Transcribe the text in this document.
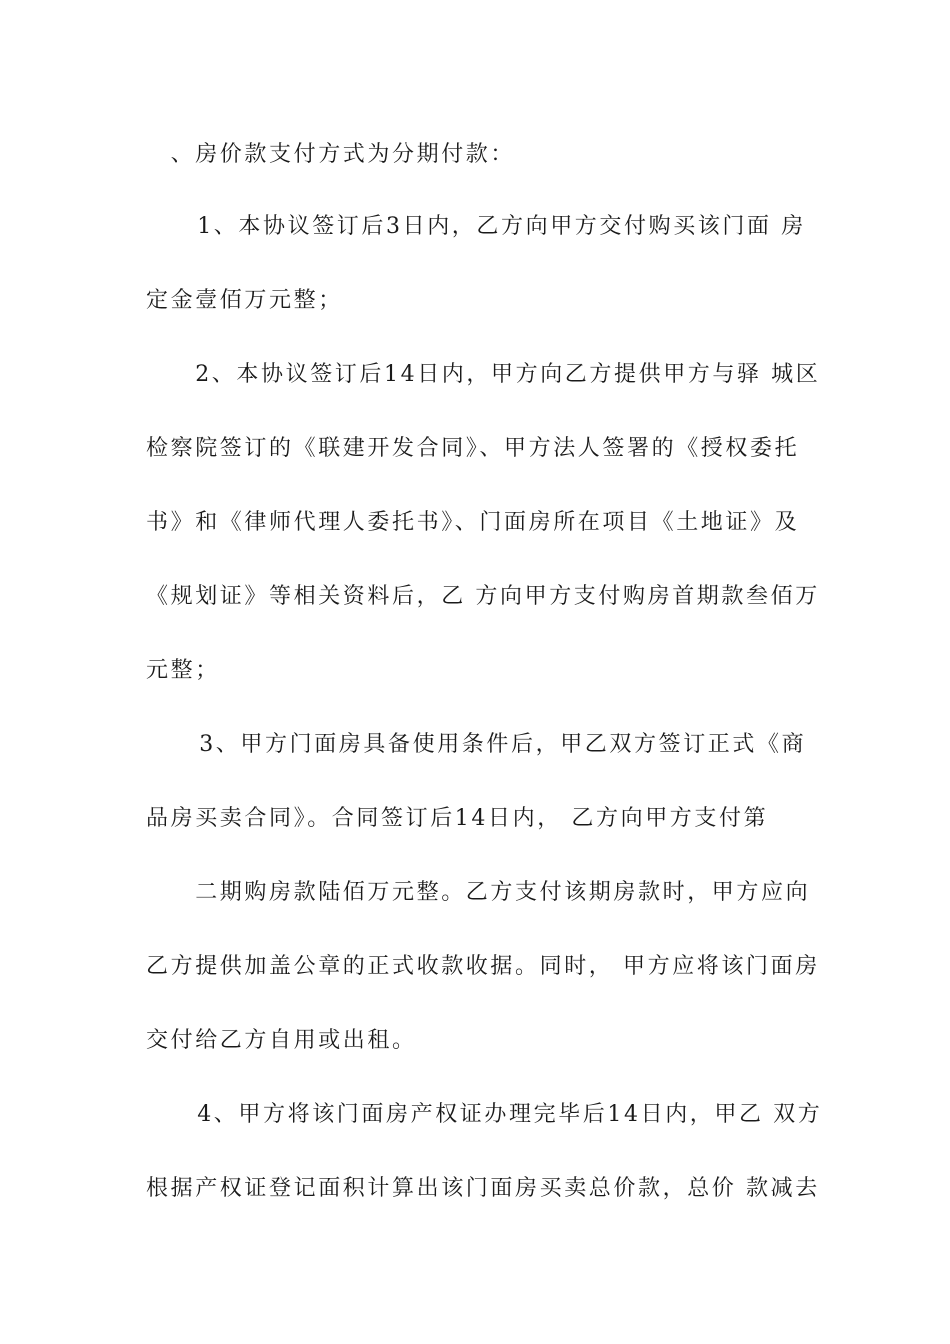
　、房价款支付方式为分期付款：
　　1、本协议签订后3日内，乙方向甲方交付购买该门面 房
定金壹佰万元整；
　　2、本协议签订后14日内，甲方向乙方提供甲方与驿 城区
检察院签订的《联建开发合同》、甲方法人签署的《授权委托
书》和《律师代理人委托书》、门面房所在项目《土地证》及
《规划证》等相关资料后，乙 方向甲方支付购房首期款叁佰万
元整；
　　3、甲方门面房具备使用条件后，甲乙双方签订正式《商
品房买卖合同》。合同签订后14日内， 乙方向甲方支付第
　　二期购房款陆佰万元整。乙方支付该期房款时，甲方应向
乙方提供加盖公章的正式收款收据。同时， 甲方应将该门面房
交付给乙方自用或出租。
　　4、甲方将该门面房产权证办理完毕后14日内，甲乙 双方
根据产权证登记面积计算出该门面房买卖总价款，总价 款减去
